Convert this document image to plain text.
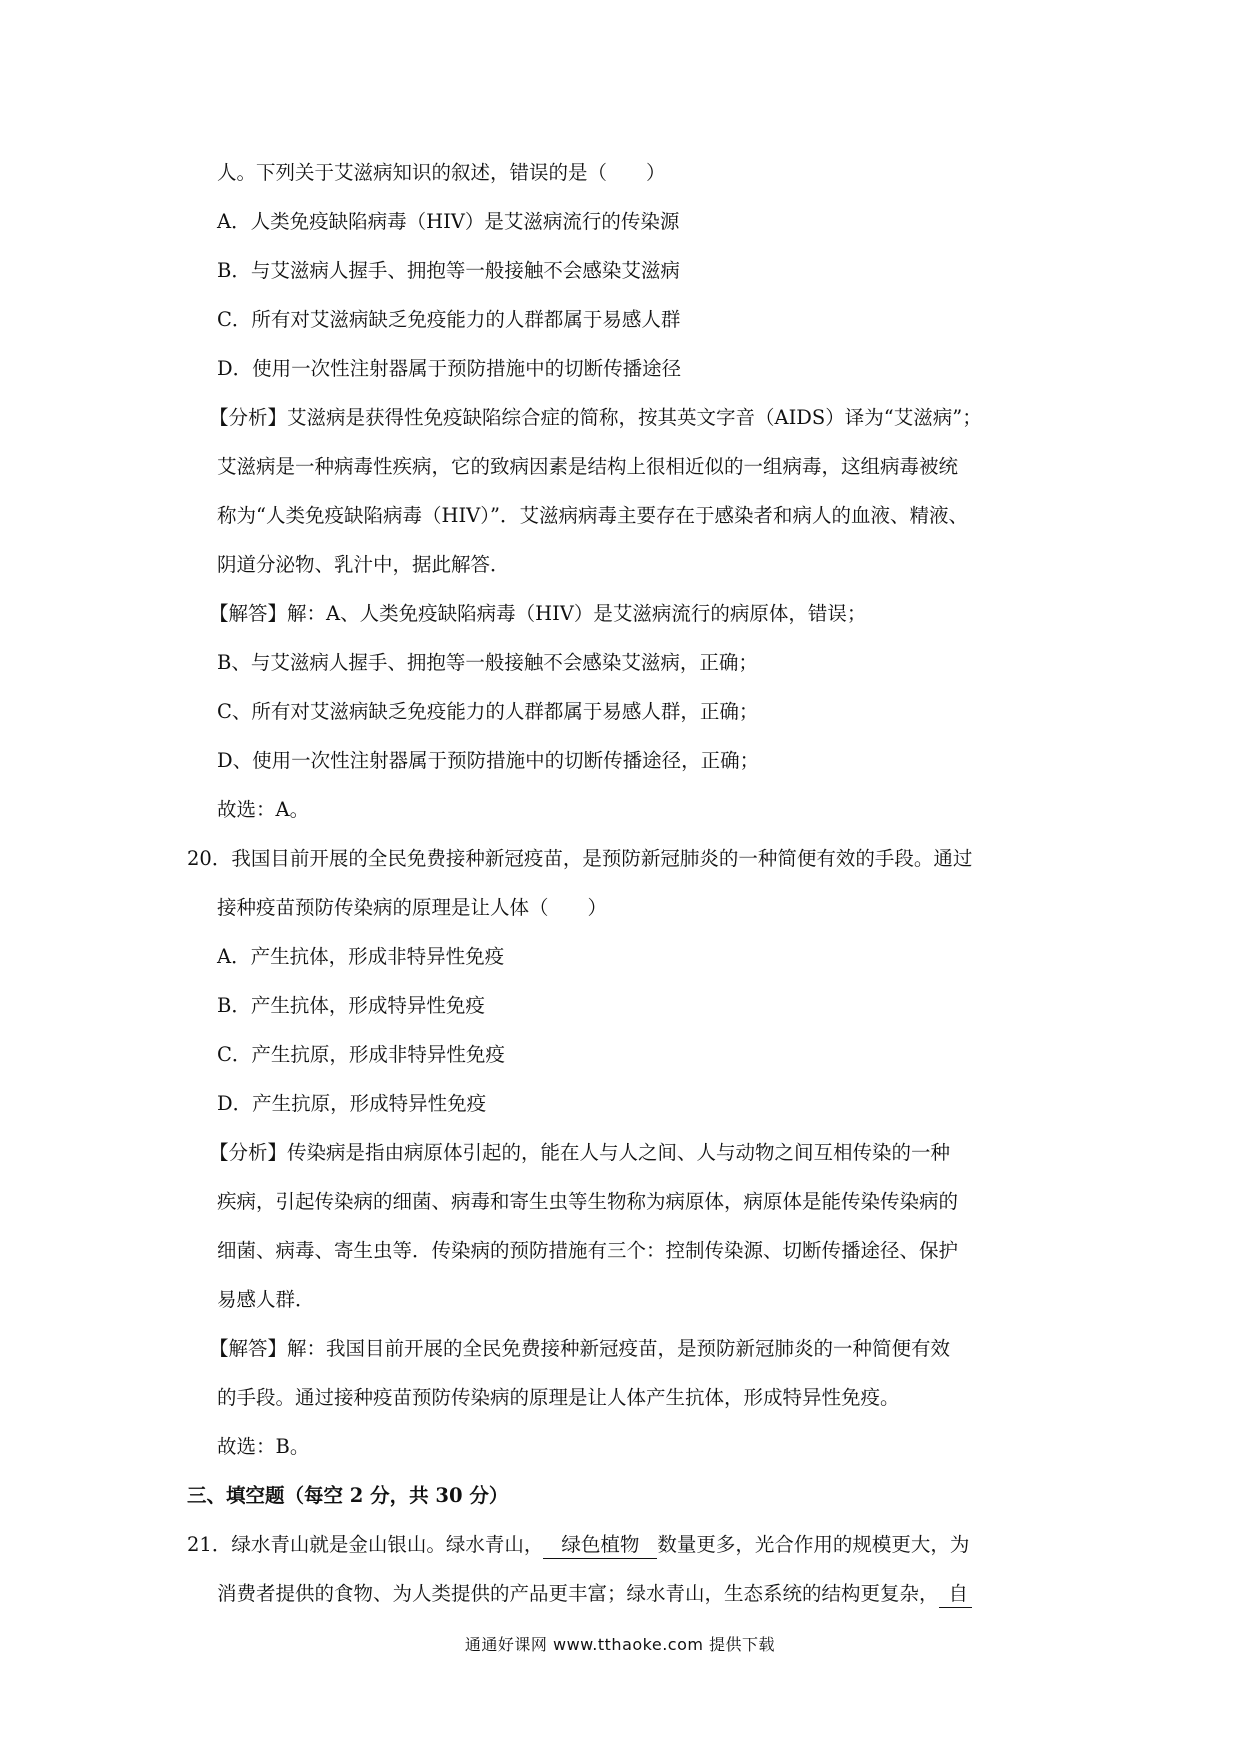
人。下列关于艾滋病知识的叙述，错误的是（　　）
A．人类免疫缺陷病毒（HIV）是艾滋病流行的传染源
B．与艾滋病人握手、拥抱等一般接触不会感染艾滋病
C．所有对艾滋病缺乏免疫能力的人群都属于易感人群
D．使用一次性注射器属于预防措施中的切断传播途径
【分析】艾滋病是获得性免疫缺陷综合症的简称，按其英文字音（AIDS）译为“艾滋病”；
艾滋病是一种病毒性疾病，它的致病因素是结构上很相近似的一组病毒，这组病毒被统
称为“人类免疫缺陷病毒（HIV）”．艾滋病病毒主要存在于感染者和病人的血液、精液、
阴道分泌物、乳汁中，据此解答．
【解答】解：A、人类免疫缺陷病毒（HIV）是艾滋病流行的病原体，错误；
B、与艾滋病人握手、拥抱等一般接触不会感染艾滋病，正确；
C、所有对艾滋病缺乏免疫能力的人群都属于易感人群，正确；
D、使用一次性注射器属于预防措施中的切断传播途径，正确；
故选：A。
20．我国目前开展的全民免费接种新冠疫苗，是预防新冠肺炎的一种简便有效的手段。通过
接种疫苗预防传染病的原理是让人体（　　）
A．产生抗体，形成非特异性免疫
B．产生抗体，形成特异性免疫
C．产生抗原，形成非特异性免疫
D．产生抗原，形成特异性免疫
【分析】传染病是指由病原体引起的，能在人与人之间、人与动物之间互相传染的一种
疾病，引起传染病的细菌、病毒和寄生虫等生物称为病原体，病原体是能传染传染病的
细菌、病毒、寄生虫等．传染病的预防措施有三个：控制传染源、切断传播途径、保护
易感人群．
【解答】解：我国目前开展的全民免费接种新冠疫苗，是预防新冠肺炎的一种简便有效
的手段。通过接种疫苗预防传染病的原理是让人体产生抗体，形成特异性免疫。
故选：B。
三、填空题（每空 2 分，共 30 分）
21．绿水青山就是金山银山。绿水青山， 绿色植物 数量更多，光合作用的规模更大，为
消费者提供的食物、为人类提供的产品更丰富；绿水青山，生态系统的结构更复杂， 自
通通好课网 www.tthaoke.com 提供下载
